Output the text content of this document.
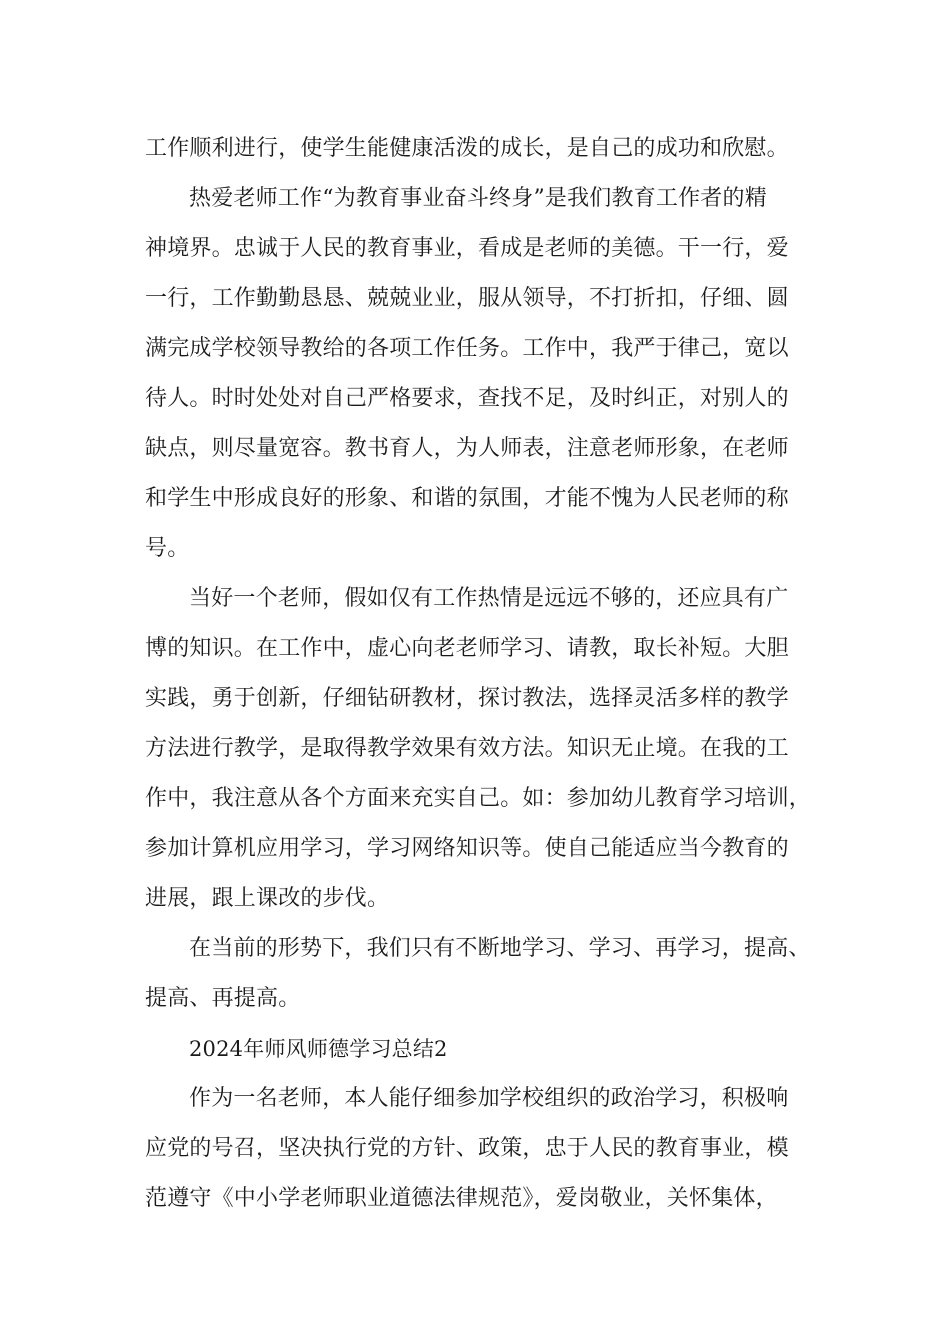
工作顺利进行，使学生能健康活泼的成长，是自己的成功和欣慰。
热爱老师工作“为教育事业奋斗终身”是我们教育工作者的精
神境界。忠诚于人民的教育事业，看成是老师的美德。干一行，爱
一行，工作勤勤恳恳、兢兢业业，服从领导，不打折扣，仔细、圆
满完成学校领导教给的各项工作任务。工作中，我严于律己，宽以
待人。时时处处对自己严格要求，查找不足，及时纠正，对别人的
缺点，则尽量宽容。教书育人，为人师表，注意老师形象，在老师
和学生中形成良好的形象、和谐的氛围，才能不愧为人民老师的称
号。
当好一个老师，假如仅有工作热情是远远不够的，还应具有广
博的知识。在工作中，虚心向老老师学习、请教，取长补短。大胆
实践，勇于创新，仔细钻研教材，探讨教法，选择灵活多样的教学
方法进行教学，是取得教学效果有效方法。知识无止境。在我的工
作中，我注意从各个方面来充实自己。如：参加幼儿教育学习培训，
参加计算机应用学习，学习网络知识等。使自己能适应当今教育的
进展，跟上课改的步伐。
在当前的形势下，我们只有不断地学习、学习、再学习，提高、
提高、再提高。
2024年师风师德学习总结2
作为一名老师，本人能仔细参加学校组织的政治学习，积极响
应党的号召，坚决执行党的方针、政策，忠于人民的教育事业，模
范遵守《中小学老师职业道德法律规范》，爱岗敬业，关怀集体，
